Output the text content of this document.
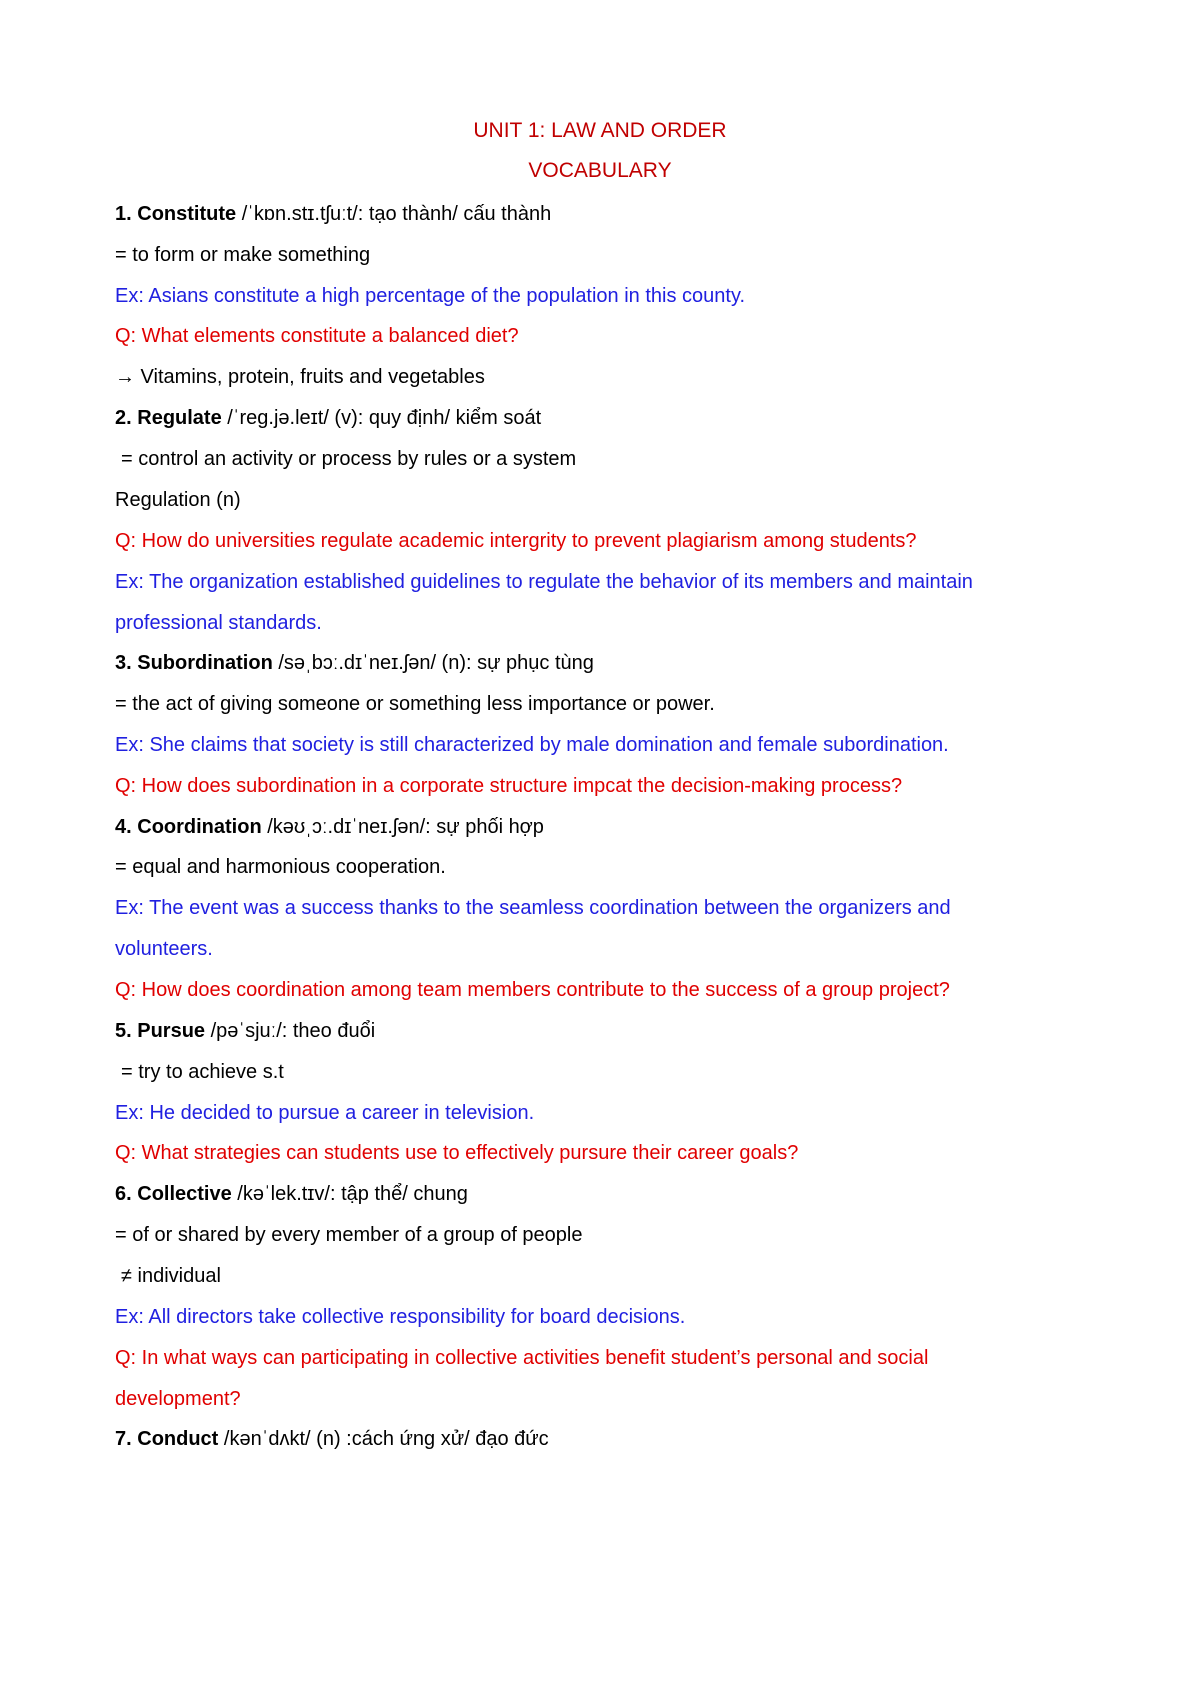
UNIT 1: LAW AND ORDER
VOCABULARY
1. Constitute /ˈkɒn.stɪ.tʃuːt/: tạo thành/ cấu thành
= to form or make something
Ex: Asians constitute a high percentage of the population in this county.
Q: What elements constitute a balanced diet?
→ Vitamins, protein, fruits and vegetables
2. Regulate /ˈreg.jə.leɪt/ (v): quy định/ kiểm soát
= control an activity or process by rules or a system
Regulation (n)
Q: How do universities regulate academic intergrity to prevent plagiarism among students?
Ex: The organization established guidelines to regulate the behavior of its members and maintain
professional standards.
3. Subordination /səˌbɔː.dɪˈneɪ.ʃən/ (n): sự phục tùng
= the act of giving someone or something less importance or power.
Ex: She claims that society is still characterized by male domination and female subordination.
Q: How does subordination in a corporate structure impcat the decision-making process?
4. Coordination /kəʊˌɔː.dɪˈneɪ.ʃən/: sự phối hợp
= equal and harmonious cooperation.
Ex: The event was a success thanks to the seamless coordination between the organizers and
volunteers.
Q: How does coordination among team members contribute to the success of a group project?
5. Pursue /pəˈsjuː/: theo đuổi
= try to achieve s.t
Ex: He decided to pursue a career in television.
Q: What strategies can students use to effectively pursure their career goals?
6. Collective /kəˈlek.tɪv/: tập thể/ chung
= of or shared by every member of a group of people
≠ individual
Ex: All directors take collective responsibility for board decisions.
Q: In what ways can participating in collective activities benefit student’s personal and social
development?
7. Conduct /kənˈdʌkt/ (n) :cách ứng xử/ đạo đức
